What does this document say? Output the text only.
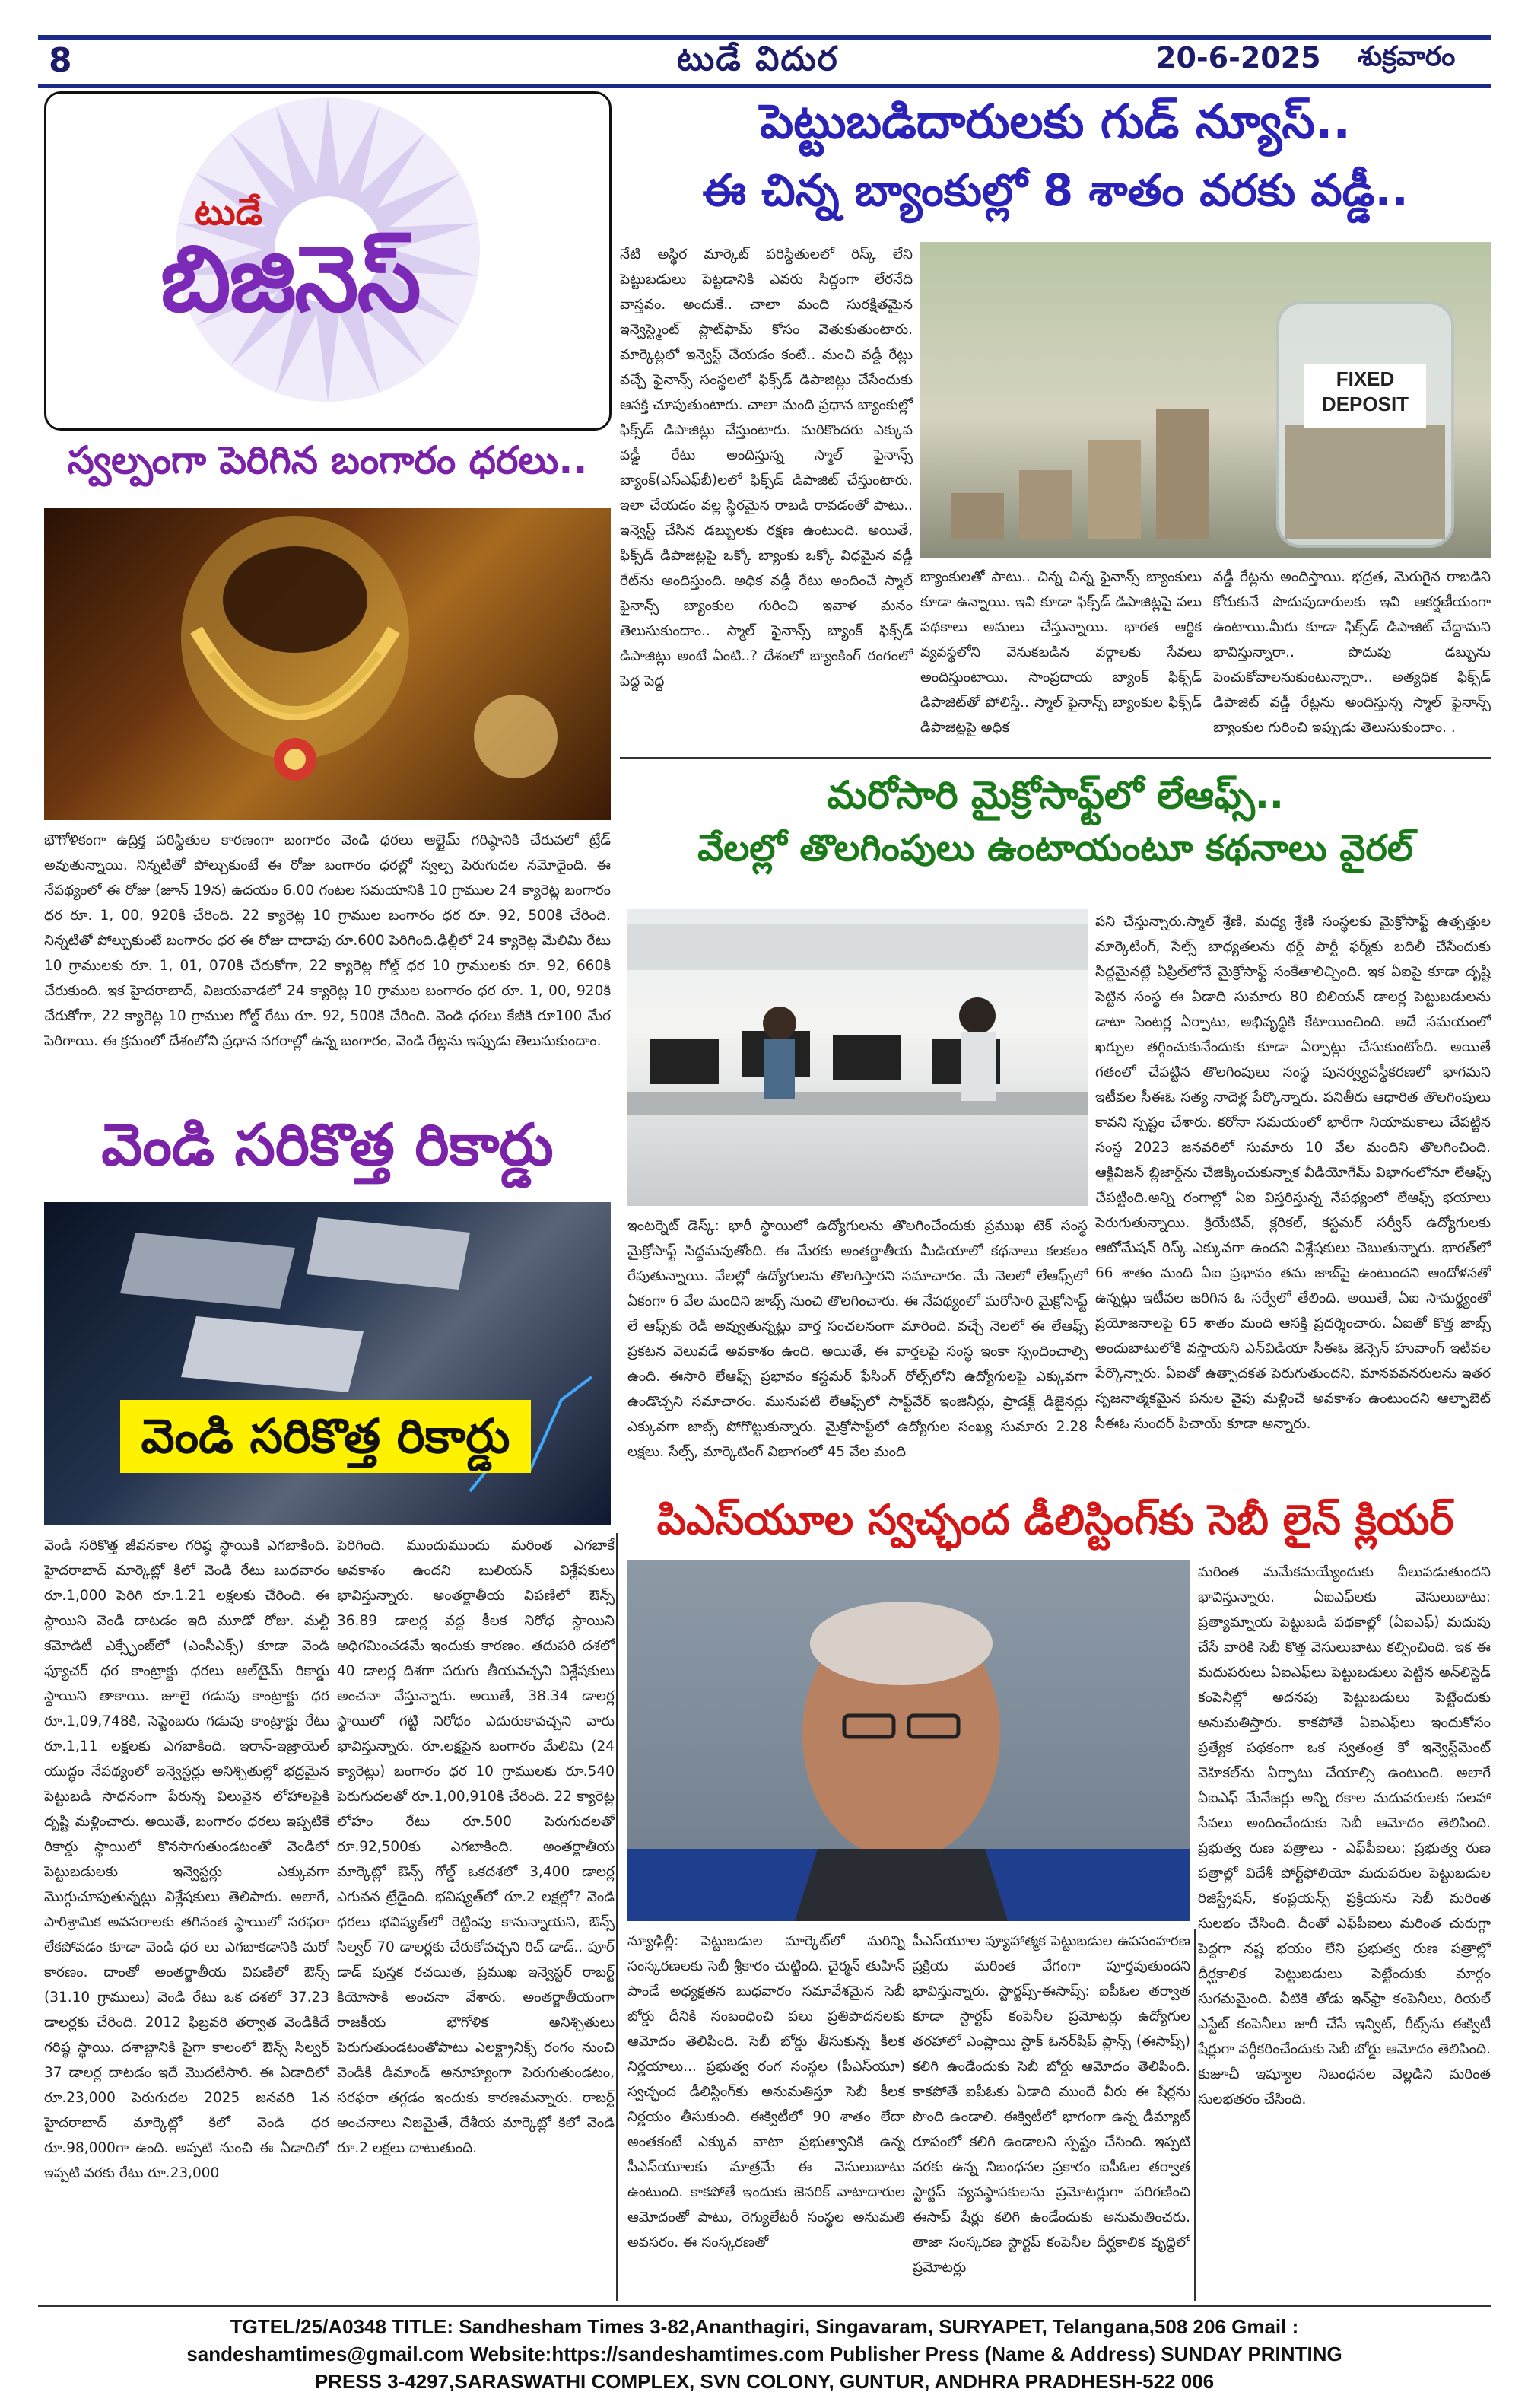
8	టుడే విదుర	20-6-2025 శుక్రవారం
టుడే
బిజినెస్
స్వల్పంగా పెరిగిన బంగారం ధరలు..

భౌగోళికంగా ఉద్రిక్త పరిస్థితుల కారణంగా బంగారం వెండి ధరలు ఆల్టైమ్ గరిష్ఠానికి చేరువలో ట్రేడ్ అవుతున్నాయి. నిన్నటితో పోల్చుకుంటే ఈ రోజు బంగారం ధరల్లో స్వల్ప పెరుగుదల నమోదైంది. ఈ నేపథ్యంలో ఈ రోజు (జూన్ 19న) ఉదయం 6.00 గంటల సమయానికి 10 గ్రాముల 24 క్యారెట్ల బంగారం ధర రూ. 1, 00, 920కి చేరింది. 22 క్యారెట్ల 10 గ్రాముల బంగారం ధర రూ. 92, 500కి చేరింది. నిన్నటితో పోల్చుకుంటే బంగారం ధర ఈ రోజు దాదాపు రూ.600 పెరిగింది.ఢిల్లీలో 24 క్యారెట్ల మేలిమి రేటు 10 గ్రాములకు రూ. 1, 01, 070కి చేరుకోగా, 22 క్యారెట్ల గోల్డ్ ధర 10 గ్రాములకు రూ. 92, 660కి చేరుకుంది. ఇక హైదరాబాద్, విజయవాడలో 24 క్యారెట్ల 10 గ్రాముల బంగారం ధర రూ. 1, 00, 920కి చేరుకోగా, 22 క్యారెట్ల 10 గ్రాముల గోల్డ్ రేటు రూ. 92, 500కి చేరింది. వెండి ధరలు కేజీకి రూ100 మేర పెరిగాయి. ఈ క్రమంలో దేశంలోని ప్రధాన నగరాల్లో ఉన్న బంగారం, వెండి రేట్లను ఇప్పుడు తెలుసుకుందాం.

పెట్టుబడిదారులకు గుడ్ న్యూస్..
ఈ చిన్న బ్యాంకుల్లో 8 శాతం వరకు వడ్డీ..

నేటి అస్థిర మార్కెట్ పరిస్థితులలో రిస్క్ లేని పెట్టుబడులు పెట్టడానికి ఎవరు సిద్ధంగా లేరనేది వాస్తవం. అందుకే.. చాలా మంది సురక్షితమైన ఇన్వెస్ట్మెంట్ ప్లాట్‌ఫామ్ కోసం వెతుకుతుంటారు. మార్కెట్లలో ఇన్వెస్ట్ చేయడం కంటే.. మంచి వడ్డీ రేట్లు వచ్చే ఫైనాన్స్ సంస్థలలో ఫిక్స్‌డ్ డిపాజిట్లు చేసేందుకు ఆసక్తి చూపుతుంటారు. చాలా మంది ప్రధాన బ్యాంకుల్లో ఫిక్స్‌డ్ డిపాజిట్లు చేస్తుంటారు. మరికొందరు ఎక్కువ వడ్డీ రేటు అందిస్తున్న స్మాల్ ఫైనాన్స్ బ్యాంక్(ఎస్ఎఫ్‌బీ)లలో ఫిక్స్‌డ్ డిపాజిట్ చేస్తుంటారు. ఇలా చేయడం వల్ల స్థిరమైన రాబడి రావడంతో పాటు.. ఇన్వెస్ట్ చేసిన డబ్బులకు రక్షణ ఉంటుంది. అయితే, ఫిక్స్‌డ్ డిపాజిట్లపై ఒక్కో బ్యాంకు ఒక్కో విధమైన వడ్డీ రేట్‌ను అందిస్తుంది. అధిక వడ్డీ రేటు అందించే స్మాల్ ఫైనాన్స్ బ్యాంకుల గురించి ఇవాళ మనం తెలుసుకుందాం.. స్మాల్ ఫైనాన్స్ బ్యాంక్ ఫిక్స్‌డ్ డిపాజిట్లు అంటే ఏంటి..? దేశంలో బ్యాంకింగ్ రంగంలో పెద్ద పెద్ద

FIXED
DEPOSIT

బ్యాంకులతో పాటు.. చిన్న చిన్న ఫైనాన్స్ బ్యాంకులు కూడా ఉన్నాయి. ఇవి కూడా ఫిక్స్‌డ్ డిపాజిట్లపై పలు పథకాలు అమలు చేస్తున్నాయి. భారత ఆర్థిక వ్యవస్థలోని వెనుకబడిన వర్గాలకు సేవలు అందిస్తుంటాయి. సాంప్రదాయ బ్యాంక్ ఫిక్స్‌డ్ డిపాజిట్‌తో పోలిస్తే.. స్మాల్ ఫైనాన్స్ బ్యాంకుల ఫిక్స్‌డ్ డిపాజిట్లపై అధిక

వడ్డీ రేట్లను అందిస్తాయి. భద్రత, మెరుగైన రాబడిని కోరుకునే పొదుపుదారులకు ఇవి ఆకర్షణీయంగా ఉంటాయి.మీరు కూడా ఫిక్స్‌డ్ డిపాజిట్ చేద్దామని భావిస్తున్నారా.. పొదుపు డబ్బును పెంచుకోవాలనుకుంటున్నారా.. అత్యధిక ఫిక్స్‌డ్ డిపాజిట్ వడ్డీ రేట్లను అందిస్తున్న స్మాల్ ఫైనాన్స్ బ్యాంకుల గురించి ఇప్పుడు తెలుసుకుందాం. .

మరోసారి మైక్రోసాఫ్ట్‌లో లేఆఫ్స్..
వేలల్లో తొలగింపులు ఉంటాయంటూ కథనాలు వైరల్

పని చేస్తున్నారు.స్మాల్ శ్రేణి, మధ్య శ్రేణి సంస్థలకు మైక్రోసాఫ్ట్ ఉత్పత్తుల మార్కెటింగ్, సేల్స్ బాధ్యతలను థర్డ్ పార్టీ ఫర్మ్‌కు బదిలీ చేసేందుకు సిద్ధమైనట్లే ఏప్రిల్‌లోనే మైక్రోసాఫ్ట్ సంకేతాలిచ్చింది. ఇక ఏఐపై కూడా దృష్టి పెట్టిన సంస్థ ఈ ఏడాది సుమారు 80 బిలియన్ డాలర్ల పెట్టుబడులను డాటా సెంటర్ల ఏర్పాటు, అభివృద్ధికి కేటాయించింది. అదే సమయంలో ఖర్చుల తగ్గించుకునేందుకు కూడా ఏర్పాట్లు చేసుకుంటోంది. అయితే గతంలో చేపట్టిన తొలగింపులు సంస్థ పునర్వ్యవస్థీకరణలో భాగమని ఇటీవల సీఈఓ సత్య నాదెళ్ల పేర్కొన్నారు. పనితీరు ఆధారిత తొలగింపులు కావని స్పష్టం చేశారు. కరోనా సమయంలో భారీగా నియామకాలు చేపట్టిన సంస్థ 2023 జనవరిలో సుమారు 10 వేల మందిని తొలగించింది. ఆక్టివిజన్ బ్లిజార్డ్‌ను చేజిక్కించుకున్నాక వీడియోగేమ్ విభాగంలోనూ లేఆఫ్స్ చేపట్టింది.అన్ని రంగాల్లో ఏఐ విస్తరిస్తున్న నేపథ్యంలో లేఆఫ్స్ భయాలు పెరుగుతున్నాయి. క్రియేటివ్, క్లరికల్, కస్టమర్ సర్వీస్ ఉద్యోగులకు ఆటోమేషన్ రిస్క్ ఎక్కువగా ఉందని విశ్లేషకులు చెబుతున్నారు. భారత్‌లో 66 శాతం మంది ఏఐ ప్రభావం తమ జాబ్‌పై ఉంటుందని ఆందోళనతో ఉన్నట్లు ఇటీవల జరిగిన ఓ సర్వేలో తేలింది. అయితే, ఏఐ సామర్థ్యంతో ప్రయోజనాలపై 65 శాతం మంది ఆసక్తి ప్రదర్శించారు. ఏఐతో కొత్త జాబ్స్ అందుబాటులోకి వస్తాయని ఎన్‌విడియా సీఈఓ జెన్సెన్ హువాంగ్ ఇటీవల పేర్కొన్నారు. ఏఐతో ఉత్పాదకత పెరుగుతుందని, మానవవనరులను ఇతర సృజనాత్మకమైన పనుల వైపు మళ్లించే అవకాశం ఉంటుందని ఆల్ఫాబెట్ సీఈఓ సుందర్ పిచాయ్ కూడా అన్నారు.

ఇంటర్నెట్ డెస్క్: భారీ స్థాయిలో ఉద్యోగులను తొలగించేందుకు ప్రముఖ టెక్ సంస్థ మైక్రోసాఫ్ట్ సిద్ధమవుతోంది. ఈ మేరకు అంతర్జాతీయ మీడియాలో కథనాలు కలకలం రేపుతున్నాయి. వేలల్లో ఉద్యోగులను తొలగిస్తారని సమాచారం. మే నెలలో లేఆఫ్స్‌లో ఏకంగా 6 వేల మందిని జాబ్స్ నుంచి తొలగించారు. ఈ నేపథ్యంలో మరోసారి మైక్రోసాఫ్ట్ లే ఆఫ్స్‌కు రెడీ అవ్వుతున్నట్లు వార్త సంచలనంగా మారింది. వచ్చే నెలలో ఈ లేఆఫ్స్ ప్రకటన వెలువడే అవకాశం ఉంది. అయితే, ఈ వార్తలపై సంస్థ ఇంకా స్పందించాల్సి ఉంది. ఈసారి లేఆఫ్స్ ప్రభావం కస్టమర్ ఫేసింగ్ రోల్స్‌లోని ఉద్యోగులపై ఎక్కువగా ఉండొచ్చని సమాచారం. మునుపటి లేఆఫ్స్‌లో సాఫ్ట్‌వేర్ ఇంజినీర్లు, ప్రాడక్ట్ డిజైనర్లు ఎక్కువగా జాబ్స్ పోగొట్టుకున్నారు. మైక్రోసాఫ్ట్‌లో ఉద్యోగుల సంఖ్య సుమారు 2.28 లక్షలు. సేల్స్, మార్కెటింగ్ విభాగంలో 45 వేల మంది

వెండి సరికొత్త రికార్డు
వెండి సరికొత్త రికార్డు

వెండి సరికొత్త జీవనకాల గరిష్ఠ స్థాయికి ఎగబాకింది. హైదరాబాద్ మార్కెట్లో కిలో వెండి రేటు బుధవారం రూ.1,000 పెరిగి రూ.1.21 లక్షలకు చేరింది. ఈ స్థాయిని వెండి దాటడం ఇది మూడో రోజు. మల్టీ కమోడిటీ ఎక్స్ఛేంజ్‌లో (ఎంసీఎక్స్) కూడా వెండి ఫ్యూచర్ ధర కాంట్రాక్టు ధరలు ఆల్‌టైమ్ రికార్డు స్థాయిని తాకాయి. జూలై గడువు కాంట్రాక్టు ధర రూ.1,09,748కి, సెప్టెంబరు గడువు కాంట్రాక్టు రేటు రూ.1,11 లక్షలకు ఎగబాకింది. ఇరాన్-ఇజ్రాయెల్ యుద్ధం నేపథ్యంలో ఇన్వెస్టర్లు అనిశ్చితుల్లో భద్రమైన పెట్టుబడి సాధనంగా పేరున్న విలువైన లోహాలపైకి దృష్టి మళ్లించారు. అయితే, బంగారం ధరలు ఇప్పటికే రికార్డు స్థాయిలో కొనసాగుతుండటంతో వెండిలో పెట్టుబడులకు ఇన్వెస్టర్లు ఎక్కువగా మొగ్గుచూపుతున్నట్లు విశ్లేషకులు తెలిపారు. అలాగే, పారిశ్రామిక అవసరాలకు తగినంత స్థాయిలో సరఫరా లేకపోవడం కూడా వెండి ధర లు ఎగబాకడానికి మరో కారణం. దాంతో అంతర్జాతీయ విపణిలో ఔన్స్ (31.10 గ్రాములు) వెండి రేటు ఒక దశలో 37.23 డాలర్లకు చేరింది. 2012 ఫిబ్రవరి తర్వాత వెండికిదే గరిష్ఠ స్థాయి. దశాబ్దానికి పైగా కాలంలో ఔన్స్ సిల్వర్ 37 డాలర్ల దాటడం ఇదే మొదటిసారి. ఈ ఏడాదిలో రూ.23,000 పెరుగుదల 2025 జనవరి 1న హైదరాబాద్ మార్కెట్లో కిలో వెండి ధర రూ.98,000గా ఉంది. అప్పటి నుంచి ఈ ఏడాదిలో ఇప్పటి వరకు రేటు రూ.23,000

పెరిగింది. ముందుముందు మరింత ఎగబాకే అవకాశం ఉందని బులియన్ విశ్లేషకులు భావిస్తున్నారు. అంతర్జాతీయ విపణిలో ఔన్స్ 36.89 డాలర్ల వద్ద కీలక నిరోధ స్థాయిని అధిగమించడమే ఇందుకు కారణం. తదుపరి దశలో 40 డాలర్ల దిశగా పరుగు తీయవచ్చని విశ్లేషకులు అంచనా వేస్తున్నారు. అయితే, 38.34 డాలర్ల స్థాయిలో గట్టి నిరోధం ఎదురుకావచ్చని వారు భావిస్తున్నారు. రూ.లక్షపైన బంగారం మేలిమి (24 క్యారెట్లు) బంగారం ధర 10 గ్రాములకు రూ.540 పెరుగుదలతో రూ.1,00,910కి చేరింది. 22 క్యారెట్ల లోహం రేటు రూ.500 పెరుగుదలతో రూ.92,500కు ఎగబాకింది. అంతర్జాతీయ మార్కెట్లో ఔన్స్ గోల్డ్ ఒకదశలో 3,400 డాలర్ల ఎగువన ట్రేడైంది. భవిష్యత్‌లో రూ.2 లక్షల్లో? వెండి ధరలు భవిష్యత్‌లో రెట్టింపు కానున్నాయని, ఔన్స్ సిల్వర్ 70 డాలర్లకు చేరుకోవచ్చని రిచ్ డాడ్.. పూర్ డాడ్ పుస్తక రచయిత, ప్రముఖ ఇన్వెస్టర్ రాబర్ట్ కియోసాకి అంచనా వేశారు. అంతర్జాతీయంగా రాజకీయ భౌగోళిక అనిశ్చితులు పెరుగుతుండటంతోపాటు ఎలక్ట్రానిక్స్ రంగం నుంచి వెండికి డిమాండ్ అనూహ్యంగా పెరుగుతుండటం, సరఫరా తగ్గడం ఇందుకు కారణమన్నారు. రాబర్ట్ అంచనాలు నిజమైతే, దేశీయ మార్కెట్లో కిలో వెండి రూ.2 లక్షలు దాటుతుంది.

పిఎస్‌యూల స్వచ్ఛంద డీలిస్టింగ్‌కు సెబీ లైన్ క్లియర్

మరింత మమేకమయ్యేందుకు వీలుపడుతుందని భావిస్తున్నారు. ఏఐఎఫ్‌లకు వెసులుబాటు: ప్రత్యామ్నాయ పెట్టుబడి పథకాల్లో (ఏఐఎఫ్) మదుపు చేసే వారికి సెబీ కొత్త వెసులుబాటు కల్పించింది. ఇక ఈ మదుపరులు ఏఐఎఫ్‌లు పెట్టుబడులు పెట్టిన అన్‌లిస్టెడ్ కంపెనీల్లో అదనపు పెట్టుబడులు పెట్టేందుకు అనుమతిస్తారు. కాకపోతే ఏఐఎఫ్‌లు ఇందుకోసం ప్రత్యేక పథకంగా ఒక స్వతంత్ర కో ఇన్వెస్ట్‌మెంట్ వెహికల్‌ను ఏర్పాటు చేయాల్సి ఉంటుంది. అలాగే ఏఐఎఫ్ మేనేజర్లు అన్ని రకాల మదుపరులకు సలహా సేవలు అందించేందుకు సెబీ ఆమోదం తెలిపింది. ప్రభుత్వ రుణ పత్రాలు - ఎఫ్‌పీఐలు: ప్రభుత్వ రుణ పత్రాల్లో విదేశీ పోర్ట్‌ఫోలియో మదుపరుల పెట్టుబడుల రిజిస్ట్రేషన్, కంప్లయన్స్ ప్రక్రియను సెబీ మరింత సులభం చేసింది. దీంతో ఎఫ్‌పీఐలు మరింత చురుగ్గా పెద్దగా నష్ట భయం లేని ప్రభుత్వ రుణ పత్రాల్లో దీర్ఘకాలిక పెట్టుబడులు పెట్టేందుకు మార్గం సుగమమైంది. వీటికి తోడు ఇన్‌ఫ్రా కంపెనీలు, రియల్ ఎస్టేట్ కంపెనీలు జారీ చేసే ఇన్విట్, రీట్స్‌ను ఈక్విటీ షేర్లుగా వర్గీకరించేందుకు సెబీ బోర్డు ఆమోదం తెలిపింది. కుజూచీ ఇష్యూల నిబంధనల వెల్లడిని మరింత సులభతరం చేసింది.

న్యూఢిల్లీ: పెట్టుబడుల మార్కెట్‌లో మరిన్ని సంస్కరణలకు సెబీ శ్రీకారం చుట్టింది. చైర్మన్ తుహిన్ పాండే అధ్యక్షతన బుధవారం సమావేశమైన సెబీ బోర్డు దీనికి సంబంధించి పలు ప్రతిపాదనలకు ఆమోదం తెలిపింది. సెబీ బోర్డు తీసుకున్న కీలక నిర్ణయాలు... ప్రభుత్వ రంగ సంస్థల (పీఎస్‌యూ) స్వచ్ఛంద డీలిస్టింగ్‌కు అనుమతిస్తూ సెబీ కీలక నిర్ణయం తీసుకుంది. ఈక్విటీలో 90 శాతం లేదా అంతకంటే ఎక్కువ వాటా ప్రభుత్వానికి ఉన్న పీఎస్‌యూలకు మాత్రమే ఈ వెసులుబాటు ఉంటుంది. కాకపోతే ఇందుకు జెనరిక్ వాటాదారుల ఆమోదంతో పాటు, రెగ్యులేటరీ సంస్థల అనుమతి అవసరం. ఈ సంస్కరణతో

పీఎస్‌యూల వ్యూహాత్మక పెట్టుబడుల ఉపసంహరణ ప్రక్రియ మరింత వేగంగా పూర్తవుతుందని భావిస్తున్నారు. స్టార్టప్స్-ఈసాప్స్: ఐపీఓల తర్వాత కూడా స్టార్టప్ కంపెనీల ప్రమోటర్లు ఉద్యోగుల తరహాలో ఎంప్లాయి స్టాక్ ఓనర్‌షిప్ ప్లాన్స్ (ఈసాప్స్) కలిగి ఉండేందుకు సెబీ బోర్డు ఆమోదం తెలిపింది. కాకపోతే ఐపీఓకు ఏడాది ముందే వీరు ఈ షేర్లను పొంది ఉండాలి. ఈక్విటీలో భాగంగా ఉన్న డీమ్యాట్ రూపంలో కలిగి ఉండాలని స్పష్టం చేసింది. ఇప్పటి వరకు ఉన్న నిబంధనల ప్రకారం ఐపీఓల తర్వాత స్టార్టప్ వ్యవస్థాపకులను ప్రమోటర్లుగా పరిగణించి ఈసాప్ షేర్లు కలిగి ఉండేందుకు అనుమతించరు. తాజా సంస్కరణ స్టార్టప్ కంపెనీల దీర్ఘకాలిక వృద్ధిలో ప్రమోటర్లు

TGTEL/25/A0348 TITLE: Sandhesham Times 3-82,Ananthagiri, Singavaram, SURYAPET, Telangana,508 206 Gmail :
sandeshamtimes@gmail.com Website:https://sandeshamtimes.com Publisher Press (Name & Address) SUNDAY PRINTING
PRESS 3-4297,SARASWATHI COMPLEX, SVN COLONY, GUNTUR, ANDHRA PRADHESH-522 006
